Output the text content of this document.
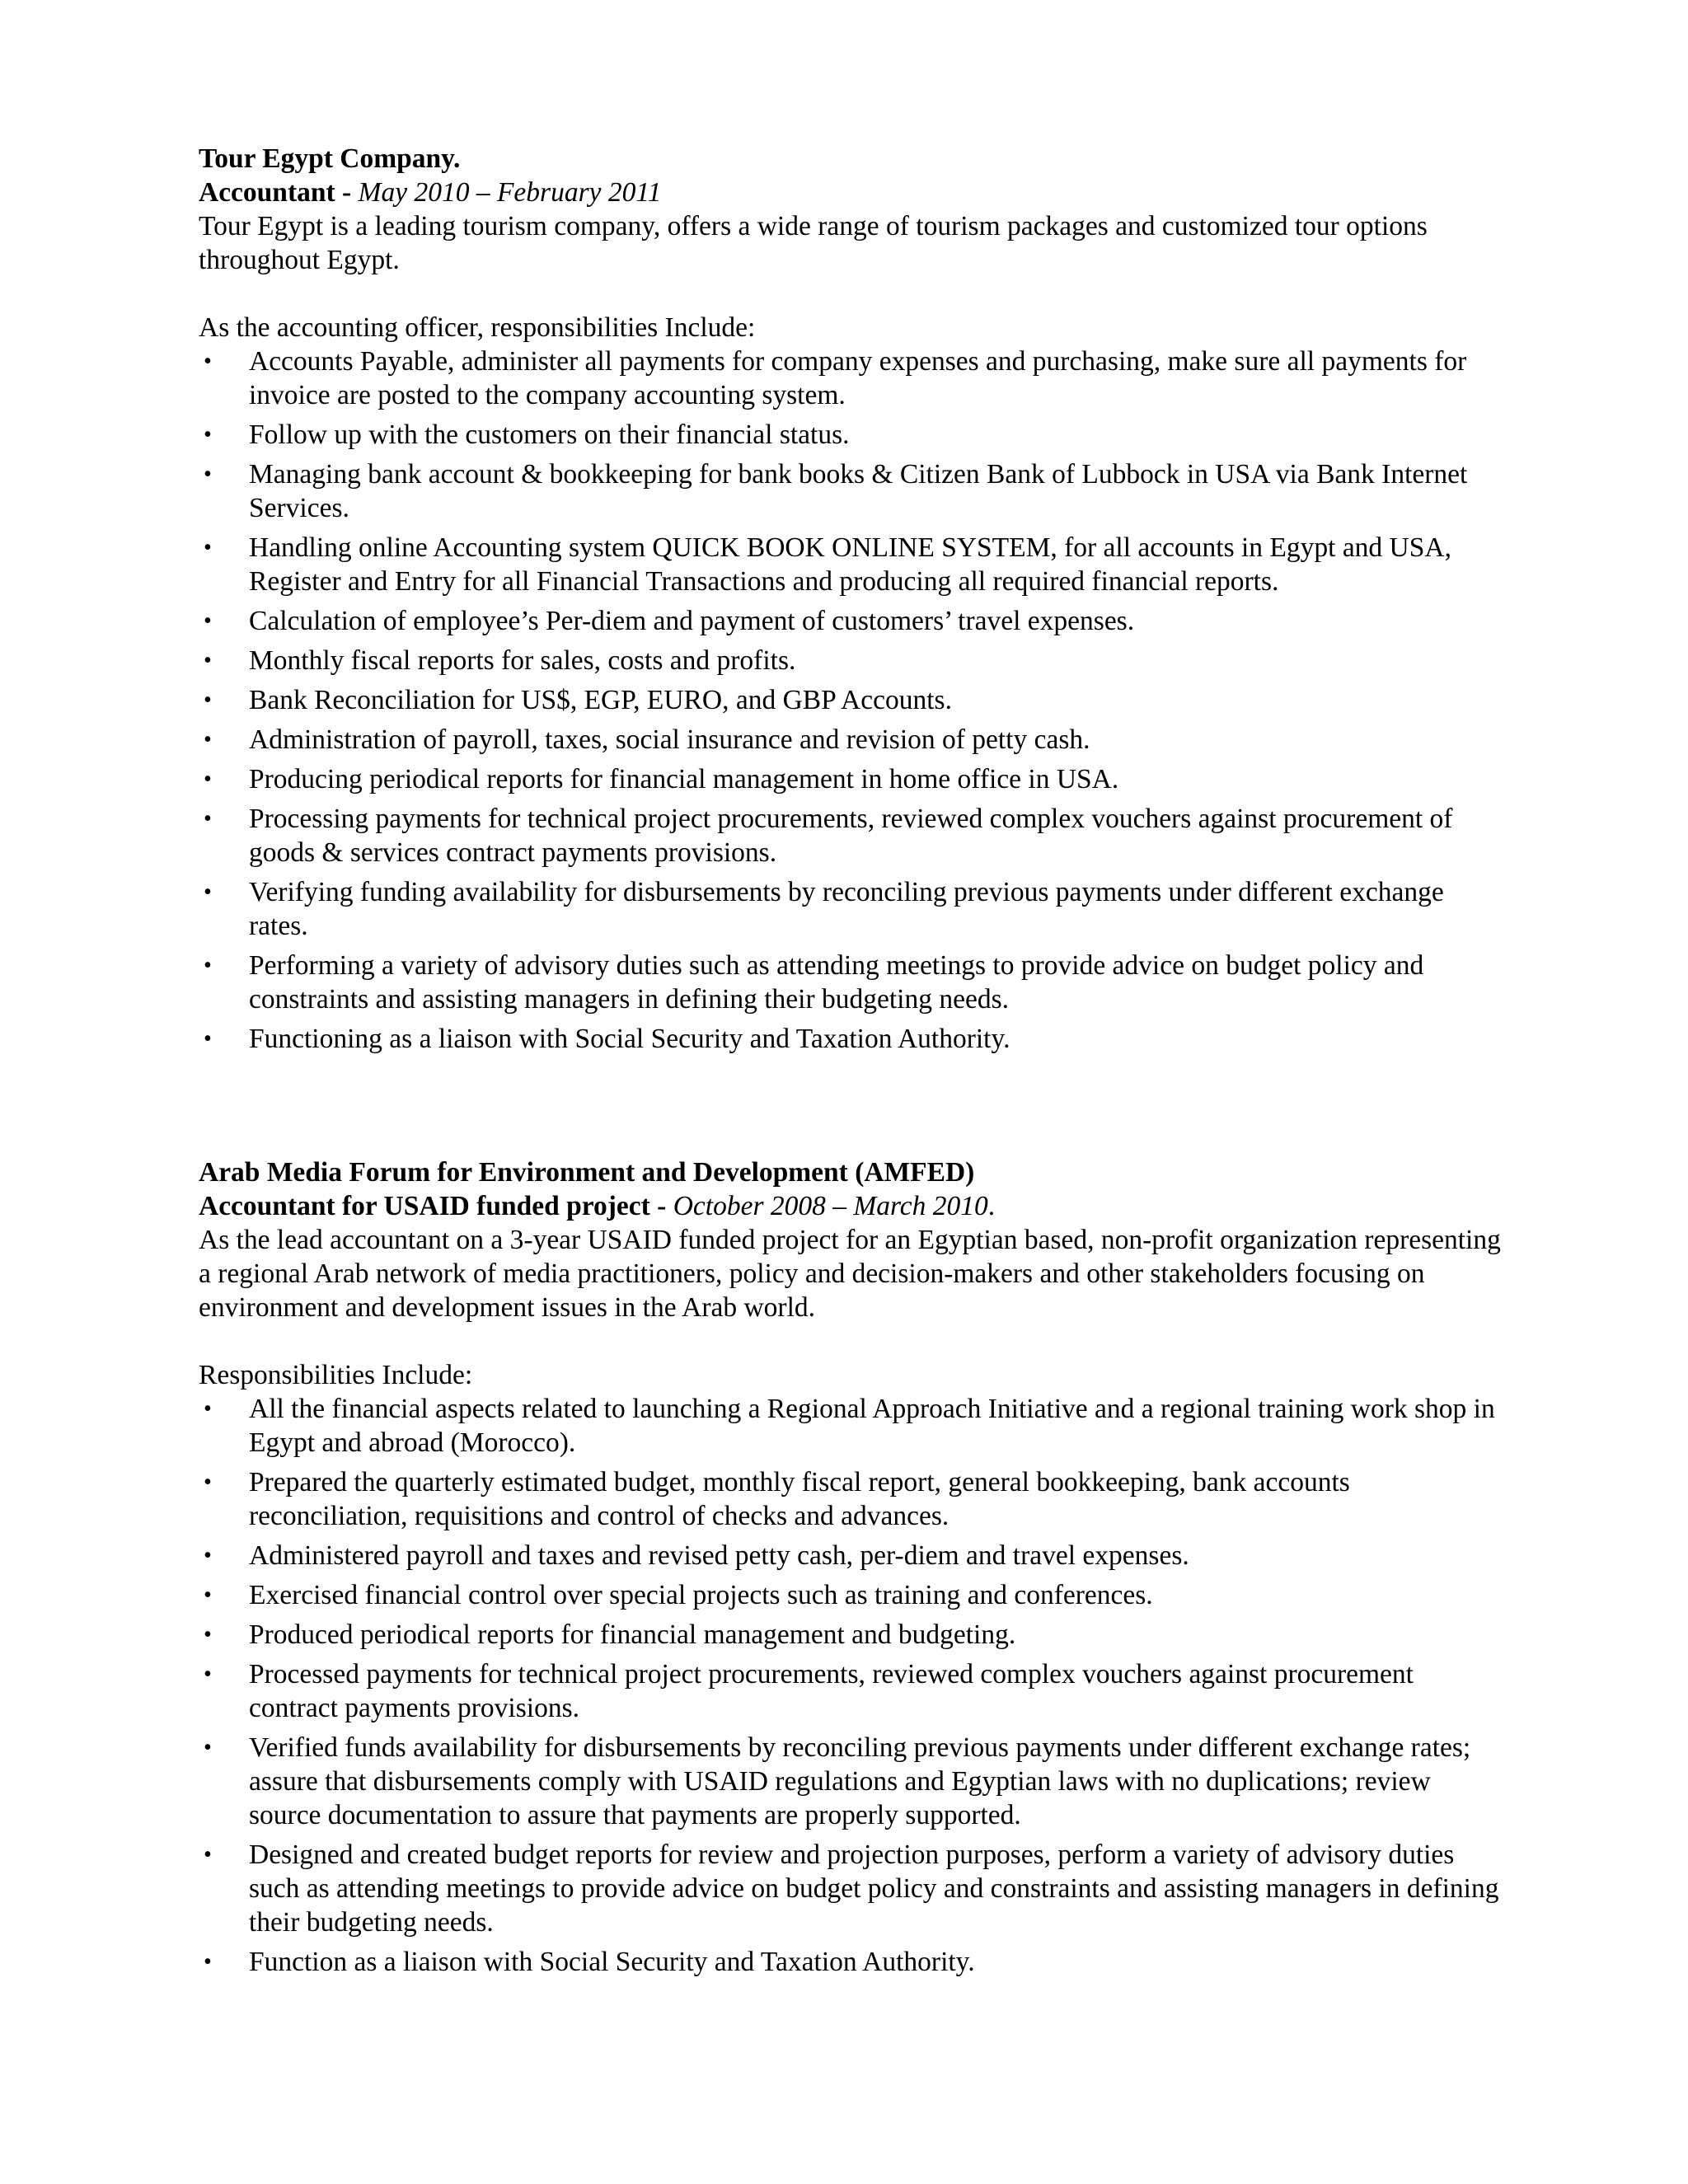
Tour Egypt Company.

Accountant - May 2010 – February 2011

Tour Egypt is a leading tourism company, offers a wide range of tourism packages and customized tour options throughout Egypt.

As the accounting officer, responsibilities Include:

• Accounts Payable, administer all payments for company expenses and purchasing, make sure all payments for invoice are posted to the company accounting system.
• Follow up with the customers on their financial status.
• Managing bank account & bookkeeping for bank books & Citizen Bank of Lubbock in USA via Bank Internet Services.
• Handling online Accounting system QUICK BOOK ONLINE SYSTEM, for all accounts in Egypt and USA, Register and Entry for all Financial Transactions and producing all required financial reports.
• Calculation of employee’s Per-diem and payment of customers’ travel expenses.
• Monthly fiscal reports for sales, costs and profits.
• Bank Reconciliation for US$, EGP, EURO, and GBP Accounts.
• Administration of payroll, taxes, social insurance and revision of petty cash.
• Producing periodical reports for financial management in home office in USA.
• Processing payments for technical project procurements, reviewed complex vouchers against procurement of goods & services contract payments provisions.
• Verifying funding availability for disbursements by reconciling previous payments under different exchange rates.
• Performing a variety of advisory duties such as attending meetings to provide advice on budget policy and constraints and assisting managers in defining their budgeting needs.
• Functioning as a liaison with Social Security and Taxation Authority.

Arab Media Forum for Environment and Development (AMFED)

Accountant for USAID funded project - October 2008 – March 2010.

As the lead accountant on a 3-year USAID funded project for an Egyptian based, non-profit organization representing a regional Arab network of media practitioners, policy and decision-makers and other stakeholders focusing on environment and development issues in the Arab world.

Responsibilities Include:

• All the financial aspects related to launching a Regional Approach Initiative and a regional training work shop in Egypt and abroad (Morocco).
• Prepared the quarterly estimated budget, monthly fiscal report, general bookkeeping, bank accounts reconciliation, requisitions and control of checks and advances.
• Administered payroll and taxes and revised petty cash, per-diem and travel expenses.
• Exercised financial control over special projects such as training and conferences.
• Produced periodical reports for financial management and budgeting.
• Processed payments for technical project procurements, reviewed complex vouchers against procurement contract payments provisions.
• Verified funds availability for disbursements by reconciling previous payments under different exchange rates; assure that disbursements comply with USAID regulations and Egyptian laws with no duplications; review source documentation to assure that payments are properly supported.
• Designed and created budget reports for review and projection purposes, perform a variety of advisory duties such as attending meetings to provide advice on budget policy and constraints and assisting managers in defining their budgeting needs.
• Function as a liaison with Social Security and Taxation Authority.
